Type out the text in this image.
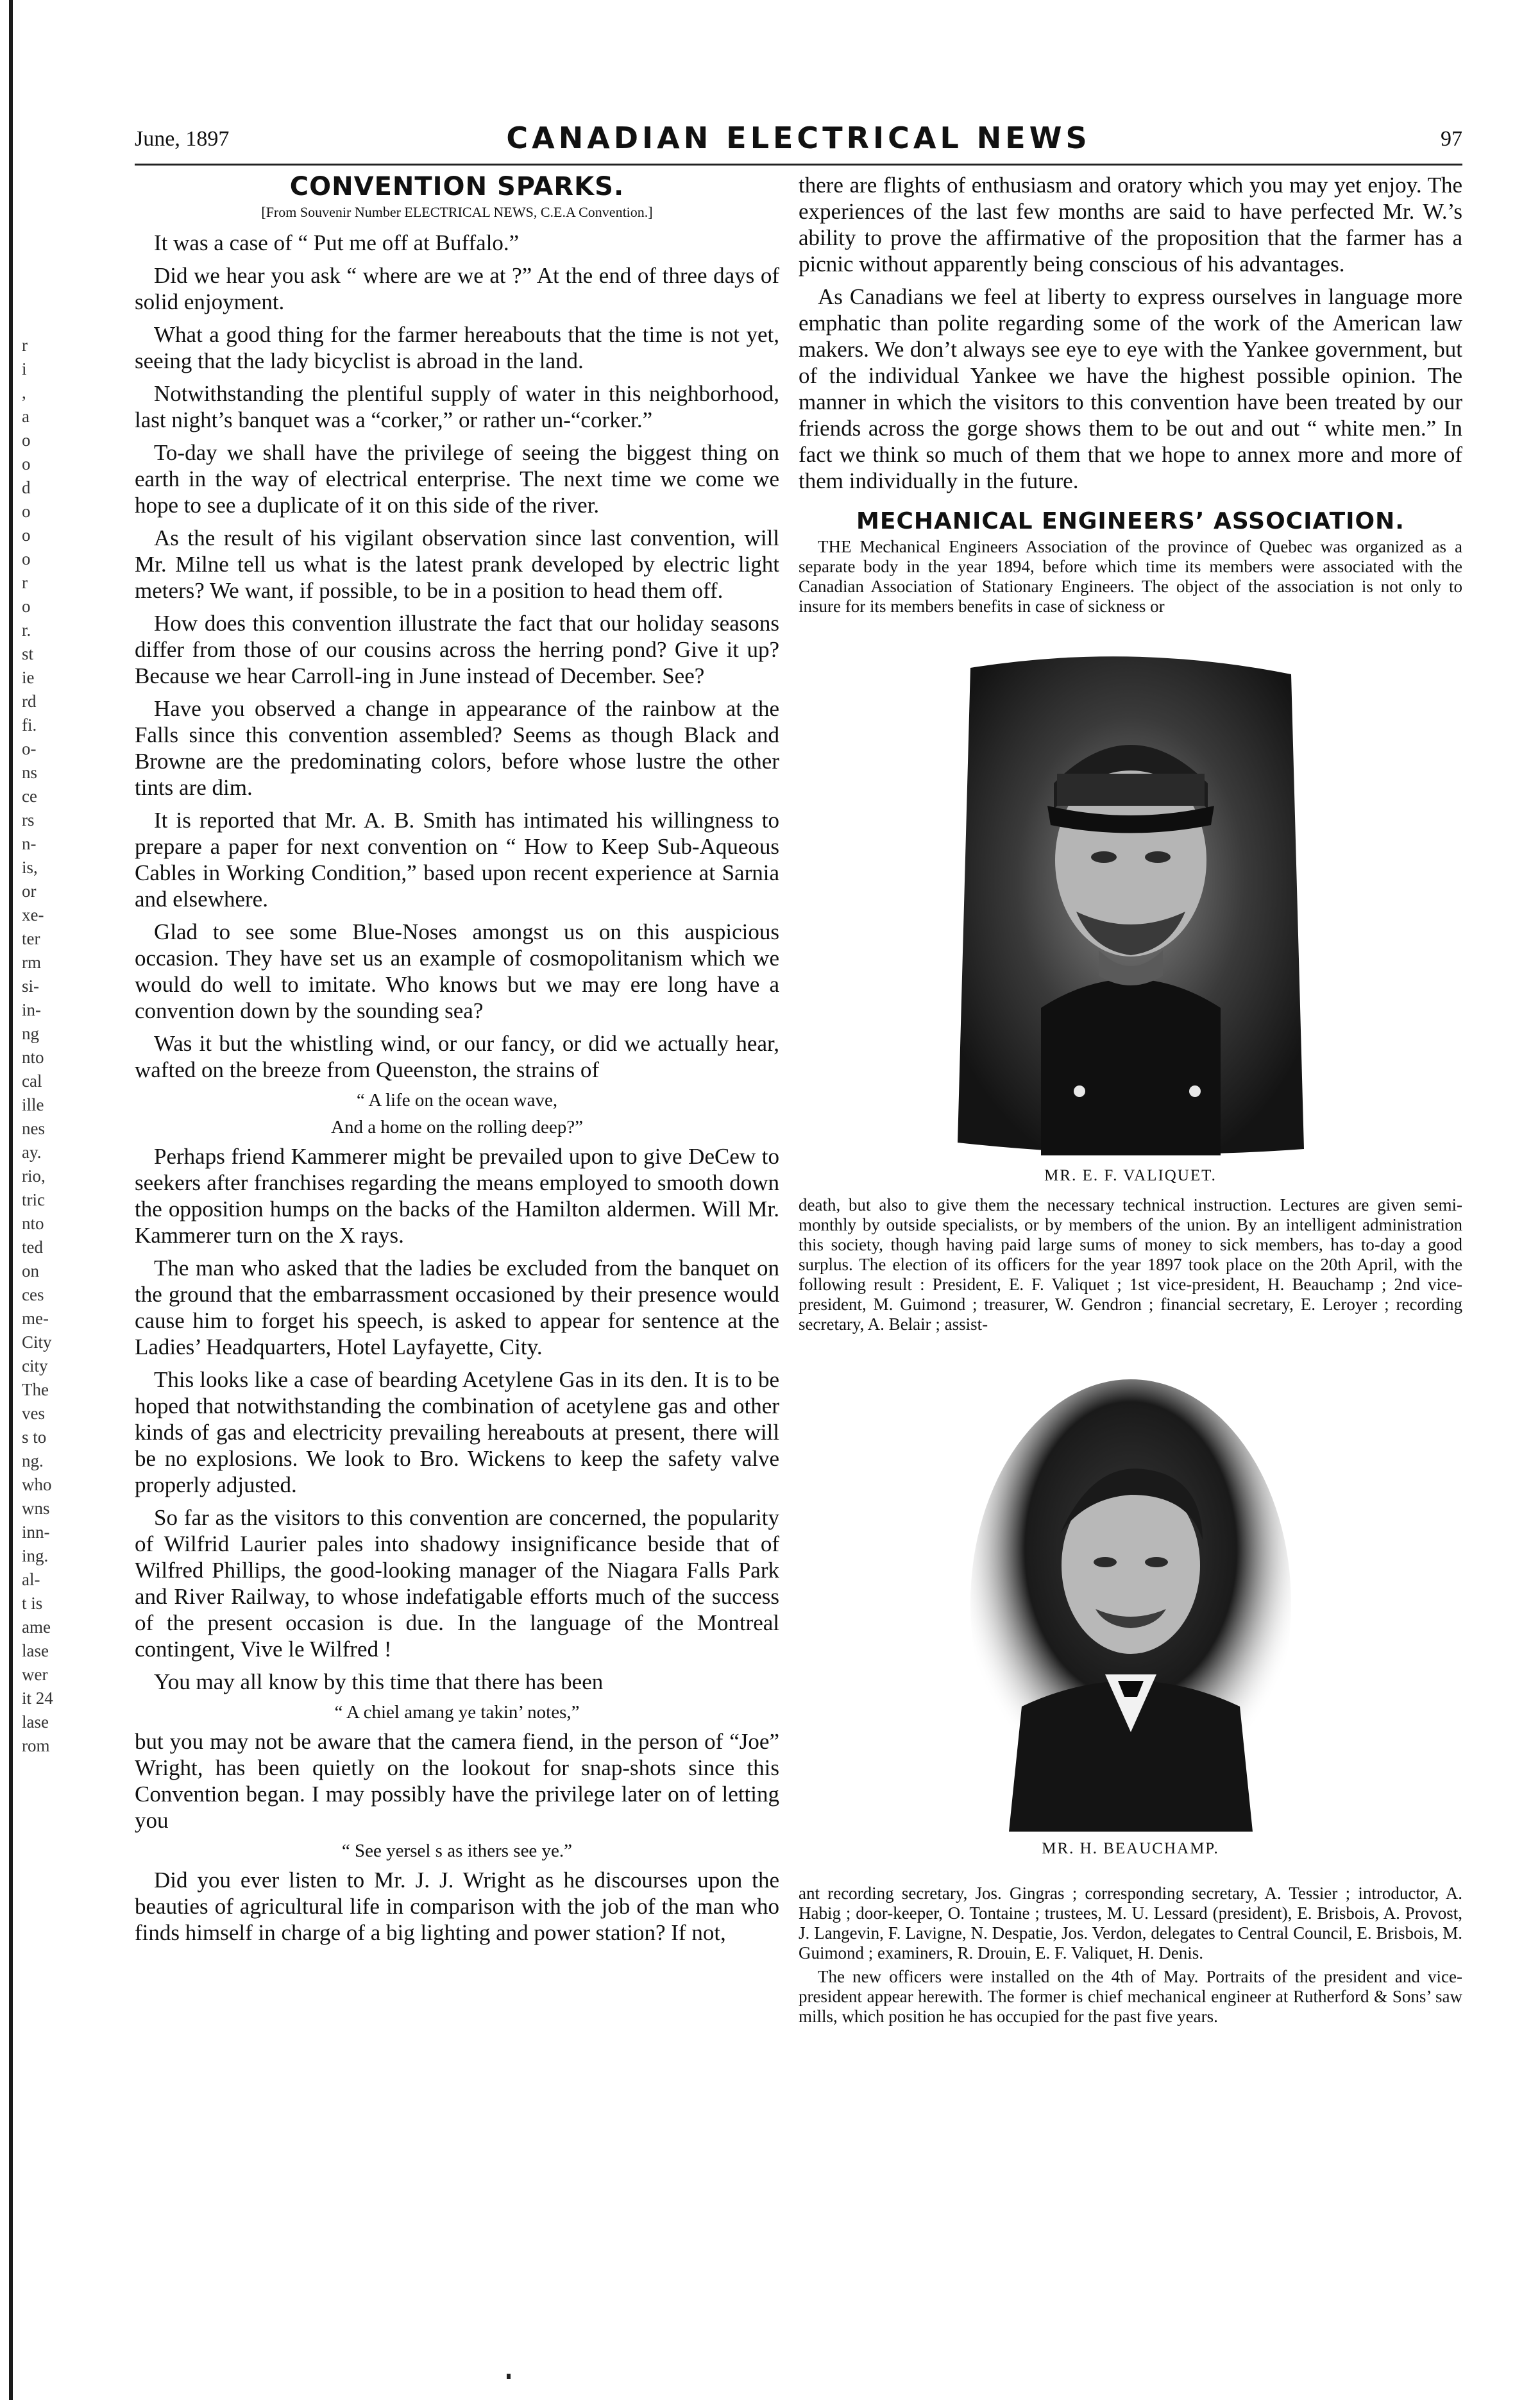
r
i
,
a
o
o
d
o
o
o
r
o
r.
st
ie
rd
fi.
o-
ns
ce
rs
n-
is,
or
xe-
ter
rm
si-
in-
ng
nto
cal
ille
nes
ay.
rio,
tric
nto
ted
on
ces
me-
City
city
The
ves
s to
ng.
who
wns
inn-
ing.
al-
t is
ame
lase
wer
it 24
lase
rom
June, 1897	CANADIAN ELECTRICAL NEWS	97
CONVENTION SPARKS.
[From Souvenir Number ELECTRICAL NEWS, C.E.A Convention.]

It was a case of “ Put me off at Buffalo.”

Did we hear you ask “ where are we at ?” At the end of three days of solid enjoyment.

What a good thing for the farmer hereabouts that the time is not yet, seeing that the lady bicyclist is abroad in the land.

Notwithstanding the plentiful supply of water in this neighborhood, last night’s banquet was a “corker,” or rather un-“corker.”

To-day we shall have the privilege of seeing the biggest thing on earth in the way of electrical enterprise. The next time we come we hope to see a duplicate of it on this side of the river.

As the result of his vigilant observation since last convention, will Mr. Milne tell us what is the latest prank developed by electric light meters? We want, if possible, to be in a position to head them off.

How does this convention illustrate the fact that our holiday seasons differ from those of our cousins across the herring pond? Give it up? Because we hear Carroll-ing in June instead of December. See?

Have you observed a change in appearance of the rainbow at the Falls since this convention assembled? Seems as though Black and Browne are the predominating colors, before whose lustre the other tints are dim.

It is reported that Mr. A. B. Smith has intimated his willingness to prepare a paper for next convention on “ How to Keep Sub-Aqueous Cables in Working Condition,” based upon recent experience at Sarnia and elsewhere.

Glad to see some Blue-Noses amongst us on this auspicious occasion. They have set us an example of cosmopolitanism which we would do well to imitate. Who knows but we may ere long have a convention down by the sounding sea?

Was it but the whistling wind, or our fancy, or did we actually hear, wafted on the breeze from Queenston, the strains of

“ A life on the ocean wave,
And a home on the rolling deep?”

Perhaps friend Kammerer might be prevailed upon to give DeCew to seekers after franchises regarding the means employed to smooth down the opposition humps on the backs of the Hamilton aldermen. Will Mr. Kammerer turn on the X rays.

The man who asked that the ladies be excluded from the banquet on the ground that the embarrassment occasioned by their presence would cause him to forget his speech, is asked to appear for sentence at the Ladies’ Headquarters, Hotel Layfayette, City.

This looks like a case of bearding Acetylene Gas in its den. It is to be hoped that notwithstanding the combination of acetylene gas and other kinds of gas and electricity prevailing hereabouts at present, there will be no explosions. We look to Bro. Wickens to keep the safety valve properly adjusted.

So far as the visitors to this convention are concerned, the popularity of Wilfrid Laurier pales into shadowy insignificance beside that of Wilfred Phillips, the good-looking manager of the Niagara Falls Park and River Railway, to whose indefatigable efforts much of the success of the present occasion is due. In the language of the Montreal contingent, Vive le Wilfred !

You may all know by this time that there has been

“ A chiel amang ye takin’ notes,”

but you may not be aware that the camera fiend, in the person of “Joe” Wright, has been quietly on the lookout for snap-shots since this Convention began. I may possibly have the privilege later on of letting you

“ See yersel s as ithers see ye.”

Did you ever listen to Mr. J. J. Wright as he discourses upon the beauties of agricultural life in comparison with the job of the man who finds himself in charge of a big lighting and power station? If not,

there are flights of enthusiasm and oratory which you may yet enjoy. The experiences of the last few months are said to have perfected Mr. W.’s ability to prove the affirmative of the proposition that the farmer has a picnic without apparently being conscious of his advantages.

As Canadians we feel at liberty to express ourselves in language more emphatic than polite regarding some of the work of the American law makers. We don’t always see eye to eye with the Yankee government, but of the individual Yankee we have the highest possible opinion. The manner in which the visitors to this convention have been treated by our friends across the gorge shows them to be out and out “ white men.” In fact we think so much of them that we hope to annex more and more of them individually in the future.

MECHANICAL ENGINEERS’ ASSOCIATION.

THE Mechanical Engineers Association of the province of Quebec was organized as a separate body in the year 1894, before which time its members were associated with the Canadian Association of Stationary Engineers. The object of the association is not only to insure for its members benefits in case of sickness or

MR. E. F. VALIQUET.

death, but also to give them the necessary technical instruction. Lectures are given semi-monthly by outside specialists, or by members of the union. By an intelligent administration this society, though having paid large sums of money to sick members, has to-day a good surplus. The election of its officers for the year 1897 took place on the 20th April, with the following result : President, E. F. Valiquet ; 1st vice-president, H. Beauchamp ; 2nd vice-president, M. Guimond ; treasurer, W. Gendron ; financial secretary, E. Leroyer ; recording secretary, A. Belair ; assist-

MR. H. BEAUCHAMP.

ant recording secretary, Jos. Gingras ; corresponding secretary, A. Tessier ; introductor, A. Habig ; door-keeper, O. Tontaine ; trustees, M. U. Lessard (president), E. Brisbois, A. Provost, J. Langevin, F. Lavigne, N. Despatie, Jos. Verdon, delegates to Central Council, E. Brisbois, M. Guimond ; examiners, R. Drouin, E. F. Valiquet, H. Denis.

The new officers were installed on the 4th of May. Portraits of the president and vice-president appear herewith. The former is chief mechanical engineer at Rutherford & Sons’ saw mills, which position he has occupied for the past five years.
